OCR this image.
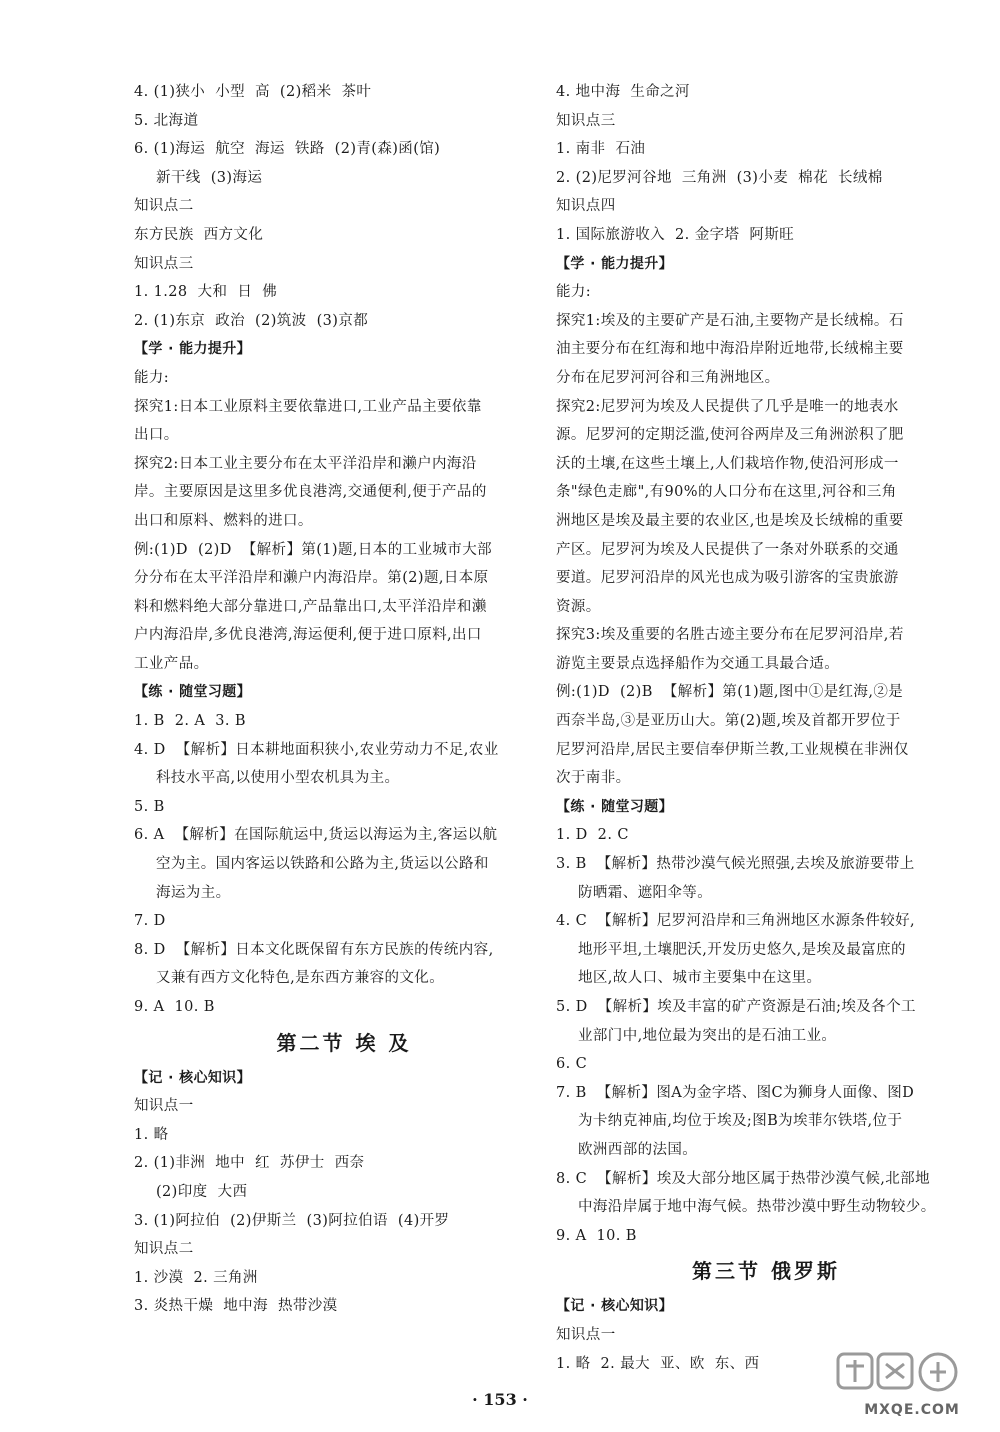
4. (1)狭小  小型  高  (2)稻米  茶叶
5. 北海道
6. (1)海运  航空  海运  铁路  (2)青(森)函(馆)
新干线  (3)海运
知识点二
东方民族  西方文化
知识点三
1. 1.28  大和  日  佛
2. (1)东京  政治  (2)筑波  (3)京都
【学 · 能力提升】
能力:
探究1:日本工业原料主要依靠进口,工业产品主要依靠
出口。
探究2:日本工业主要分布在太平洋沿岸和濑户内海沿
岸。主要原因是这里多优良港湾,交通便利,便于产品的
出口和原料、燃料的进口。
例:(1)D  (2)D  【解析】第(1)题,日本的工业城市大部
分分布在太平洋沿岸和濑户内海沿岸。第(2)题,日本原
料和燃料绝大部分靠进口,产品靠出口,太平洋沿岸和濑
户内海沿岸,多优良港湾,海运便利,便于进口原料,出口
工业产品。
【练 · 随堂习题】
1. B  2. A  3. B
4. D  【解析】日本耕地面积狭小,农业劳动力不足,农业
科技水平高,以使用小型农机具为主。
5. B
6. A  【解析】在国际航运中,货运以海运为主,客运以航
空为主。国内客运以铁路和公路为主,货运以公路和
海运为主。
7. D
8. D  【解析】日本文化既保留有东方民族的传统内容,
又兼有西方文化特色,是东西方兼容的文化。
9. A  10. B
第二节 埃 及
【记 · 核心知识】
知识点一
1. 略
2. (1)非洲  地中  红  苏伊士  西奈
(2)印度  大西
3. (1)阿拉伯  (2)伊斯兰  (3)阿拉伯语  (4)开罗
知识点二
1. 沙漠  2. 三角洲
3. 炎热干燥  地中海  热带沙漠
4. 地中海  生命之河
知识点三
1. 南非  石油
2. (2)尼罗河谷地  三角洲  (3)小麦  棉花  长绒棉
知识点四
1. 国际旅游收入  2. 金字塔  阿斯旺
【学 · 能力提升】
能力:
探究1:埃及的主要矿产是石油,主要物产是长绒棉。石
油主要分布在红海和地中海沿岸附近地带,长绒棉主要
分布在尼罗河河谷和三角洲地区。
探究2:尼罗河为埃及人民提供了几乎是唯一的地表水
源。尼罗河的定期泛滥,使河谷两岸及三角洲淤积了肥
沃的土壤,在这些土壤上,人们栽培作物,使沿河形成一
条"绿色走廊",有90%的人口分布在这里,河谷和三角
洲地区是埃及最主要的农业区,也是埃及长绒棉的重要
产区。尼罗河为埃及人民提供了一条对外联系的交通
要道。尼罗河沿岸的风光也成为吸引游客的宝贵旅游
资源。
探究3:埃及重要的名胜古迹主要分布在尼罗河沿岸,若
游览主要景点选择船作为交通工具最合适。
例:(1)D  (2)B  【解析】第(1)题,图中①是红海,②是
西奈半岛,③是亚历山大。第(2)题,埃及首都开罗位于
尼罗河沿岸,居民主要信奉伊斯兰教,工业规模在非洲仅
次于南非。
【练 · 随堂习题】
1. D  2. C
3. B  【解析】热带沙漠气候光照强,去埃及旅游要带上
防晒霜、遮阳伞等。
4. C  【解析】尼罗河沿岸和三角洲地区水源条件较好,
地形平坦,土壤肥沃,开发历史悠久,是埃及最富庶的
地区,故人口、城市主要集中在这里。
5. D  【解析】埃及丰富的矿产资源是石油;埃及各个工
业部门中,地位最为突出的是石油工业。
6. C
7. B  【解析】图A为金字塔、图C为狮身人面像、图D
为卡纳克神庙,均位于埃及;图B为埃菲尔铁塔,位于
欧洲西部的法国。
8. C  【解析】埃及大部分地区属于热带沙漠气候,北部地
中海沿岸属于地中海气候。热带沙漠中野生动物较少。
9. A  10. B
第三节 俄罗斯
【记 · 核心知识】
知识点一
1. 略  2. 最大  亚、欧  东、西
· 153 ·
MXQE.COM
